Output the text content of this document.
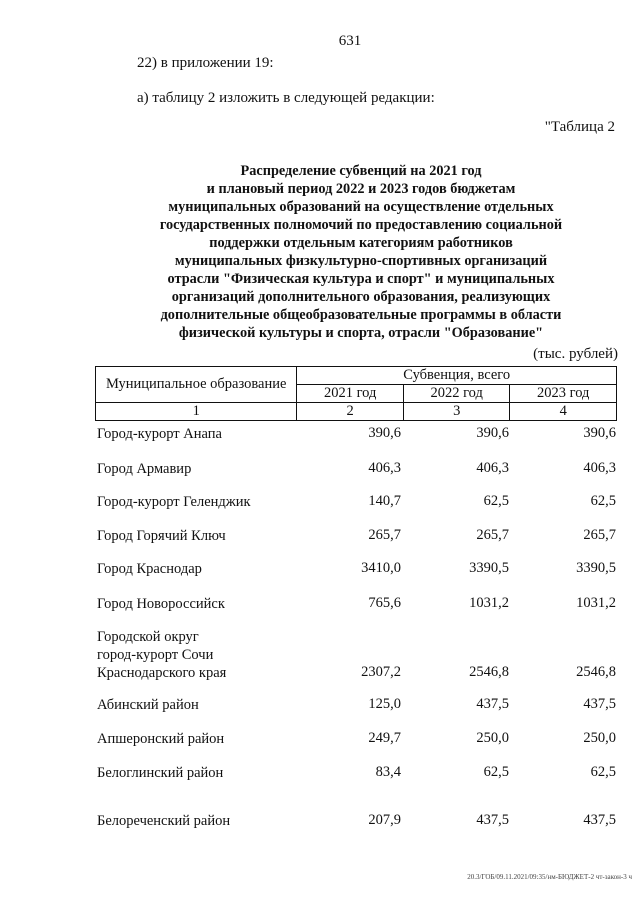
631
22) в приложении 19:
а) таблицу 2 изложить в следующей редакции:
"Таблица 2
Распределение субвенций на 2021 год
и плановый период 2022 и 2023 годов бюджетам
муниципальных образований на осуществление отдельных
государственных полномочий по предоставлению социальной
поддержки отдельным категориям работников
муниципальных физкультурно-спортивных организаций
отрасли "Физическая культура и спорт" и муниципальных
организаций дополнительного образования, реализующих
дополнительные общеобразовательные программы в области
физической культуры и спорта, отрасли "Образование"
(тыс. рублей)
Муниципальное образование	Субвенция, всего		
	2021 год	2022 год	2023 год
1	2	3	4
Город-курорт Анапа	390,6	390,6	390,6
Город Армавир	406,3	406,3	406,3
Город-курорт Геленджик	140,7	62,5	62,5
Город Горячий Ключ	265,7	265,7	265,7
Город Краснодар	3410,0	3390,5	3390,5
Город Новороссийск	765,6	1031,2	1031,2
Городской округ
город-курорт Сочи
Краснодарского края	2307,2	2546,8	2546,8
Абинский район	125,0	437,5	437,5
Апшеронский район	249,7	250,0	250,0
Белоглинский район	83,4	62,5	62,5
Белореченский район	207,9	437,5	437,5
20.3/ГОБ/09.11.2021/09:35/нм-БЮДЖЕТ-2 чт-закон-3 ч
